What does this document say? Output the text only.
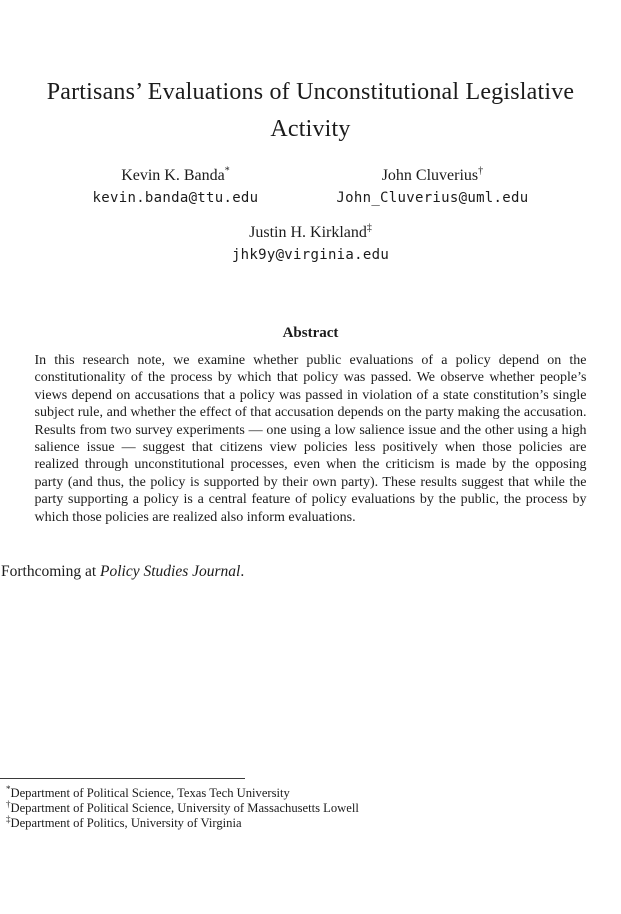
Partisans’ Evaluations of Unconstitutional Legislative Activity
Kevin K. Banda*
kevin.banda@ttu.edu
John Cluverius†
John_Cluverius@uml.edu
Justin H. Kirkland‡
jhk9y@virginia.edu
Abstract

In this research note, we examine whether public evaluations of a policy depend on the constitutionality of the process by which that policy was passed. We observe whether people’s views depend on accusations that a policy was passed in violation of a state constitution’s single subject rule, and whether the effect of that accusation depends on the party making the accusation. Results from two survey experiments — one using a low salience issue and the other using a high salience issue — suggest that citizens view policies less positively when those policies are realized through unconstitutional processes, even when the criticism is made by the opposing party (and thus, the policy is supported by their own party). These results suggest that while the party supporting a policy is a central feature of policy evaluations by the public, the process by which those policies are realized also inform evaluations.

Forthcoming at Policy Studies Journal.

*Department of Political Science, Texas Tech University
†Department of Political Science, University of Massachusetts Lowell
‡Department of Politics, University of Virginia
